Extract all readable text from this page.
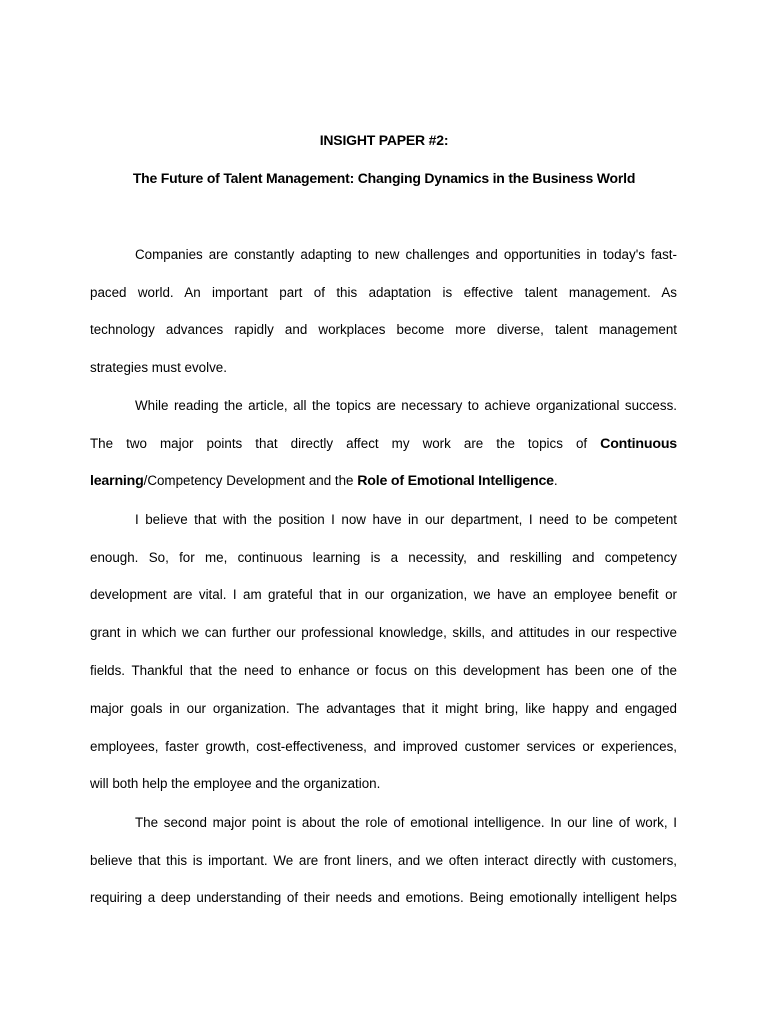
INSIGHT PAPER #2:
The Future of Talent Management: Changing Dynamics in the Business World
Companies are constantly adapting to new challenges and opportunities in today's fast-
paced world. An important part of this adaptation is effective talent management. As
technology advances rapidly and workplaces become more diverse, talent management
strategies must evolve.
While reading the article, all the topics are necessary to achieve organizational success.
The two major points that directly affect my work are the topics of Continuous
learning/Competency Development and the Role of Emotional Intelligence.
I believe that with the position I now have in our department, I need to be competent
enough. So, for me, continuous learning is a necessity, and reskilling and competency
development are vital. I am grateful that in our organization, we have an employee benefit or
grant in which we can further our professional knowledge, skills, and attitudes in our respective
fields. Thankful that the need to enhance or focus on this development has been one of the
major goals in our organization. The advantages that it might bring, like happy and engaged
employees, faster growth, cost-effectiveness, and improved customer services or experiences,
will both help the employee and the organization.
The second major point is about the role of emotional intelligence. In our line of work, I
believe that this is important. We are front liners, and we often interact directly with customers,
requiring a deep understanding of their needs and emotions. Being emotionally intelligent helps
